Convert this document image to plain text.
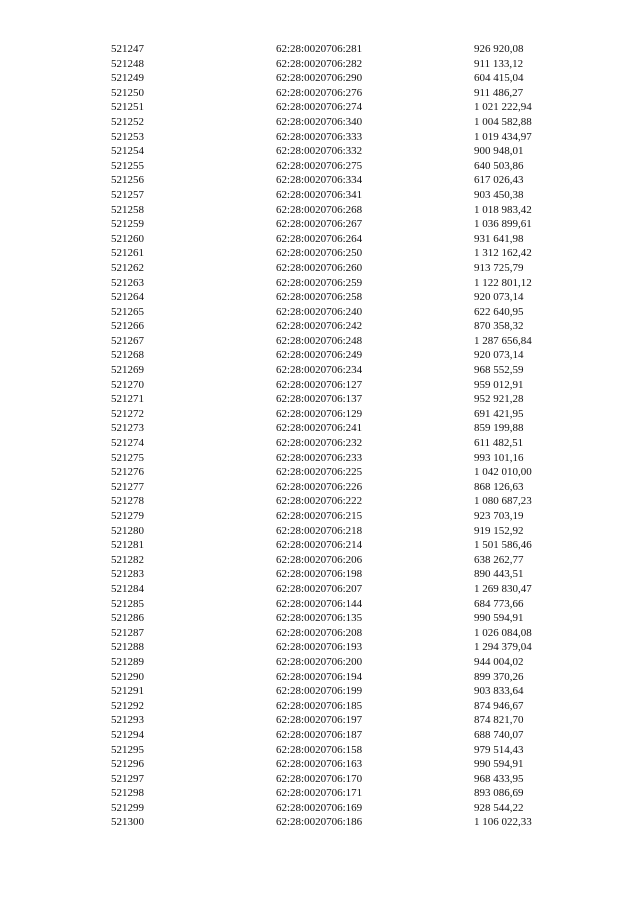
521247	62:28:0020706:281	926 920,08
521248	62:28:0020706:282	911 133,12
521249	62:28:0020706:290	604 415,04
521250	62:28:0020706:276	911 486,27
521251	62:28:0020706:274	1 021 222,94
521252	62:28:0020706:340	1 004 582,88
521253	62:28:0020706:333	1 019 434,97
521254	62:28:0020706:332	900 948,01
521255	62:28:0020706:275	640 503,86
521256	62:28:0020706:334	617 026,43
521257	62:28:0020706:341	903 450,38
521258	62:28:0020706:268	1 018 983,42
521259	62:28:0020706:267	1 036 899,61
521260	62:28:0020706:264	931 641,98
521261	62:28:0020706:250	1 312 162,42
521262	62:28:0020706:260	913 725,79
521263	62:28:0020706:259	1 122 801,12
521264	62:28:0020706:258	920 073,14
521265	62:28:0020706:240	622 640,95
521266	62:28:0020706:242	870 358,32
521267	62:28:0020706:248	1 287 656,84
521268	62:28:0020706:249	920 073,14
521269	62:28:0020706:234	968 552,59
521270	62:28:0020706:127	959 012,91
521271	62:28:0020706:137	952 921,28
521272	62:28:0020706:129	691 421,95
521273	62:28:0020706:241	859 199,88
521274	62:28:0020706:232	611 482,51
521275	62:28:0020706:233	993 101,16
521276	62:28:0020706:225	1 042 010,00
521277	62:28:0020706:226	868 126,63
521278	62:28:0020706:222	1 080 687,23
521279	62:28:0020706:215	923 703,19
521280	62:28:0020706:218	919 152,92
521281	62:28:0020706:214	1 501 586,46
521282	62:28:0020706:206	638 262,77
521283	62:28:0020706:198	890 443,51
521284	62:28:0020706:207	1 269 830,47
521285	62:28:0020706:144	684 773,66
521286	62:28:0020706:135	990 594,91
521287	62:28:0020706:208	1 026 084,08
521288	62:28:0020706:193	1 294 379,04
521289	62:28:0020706:200	944 004,02
521290	62:28:0020706:194	899 370,26
521291	62:28:0020706:199	903 833,64
521292	62:28:0020706:185	874 946,67
521293	62:28:0020706:197	874 821,70
521294	62:28:0020706:187	688 740,07
521295	62:28:0020706:158	979 514,43
521296	62:28:0020706:163	990 594,91
521297	62:28:0020706:170	968 433,95
521298	62:28:0020706:171	893 086,69
521299	62:28:0020706:169	928 544,22
521300	62:28:0020706:186	1 106 022,33
